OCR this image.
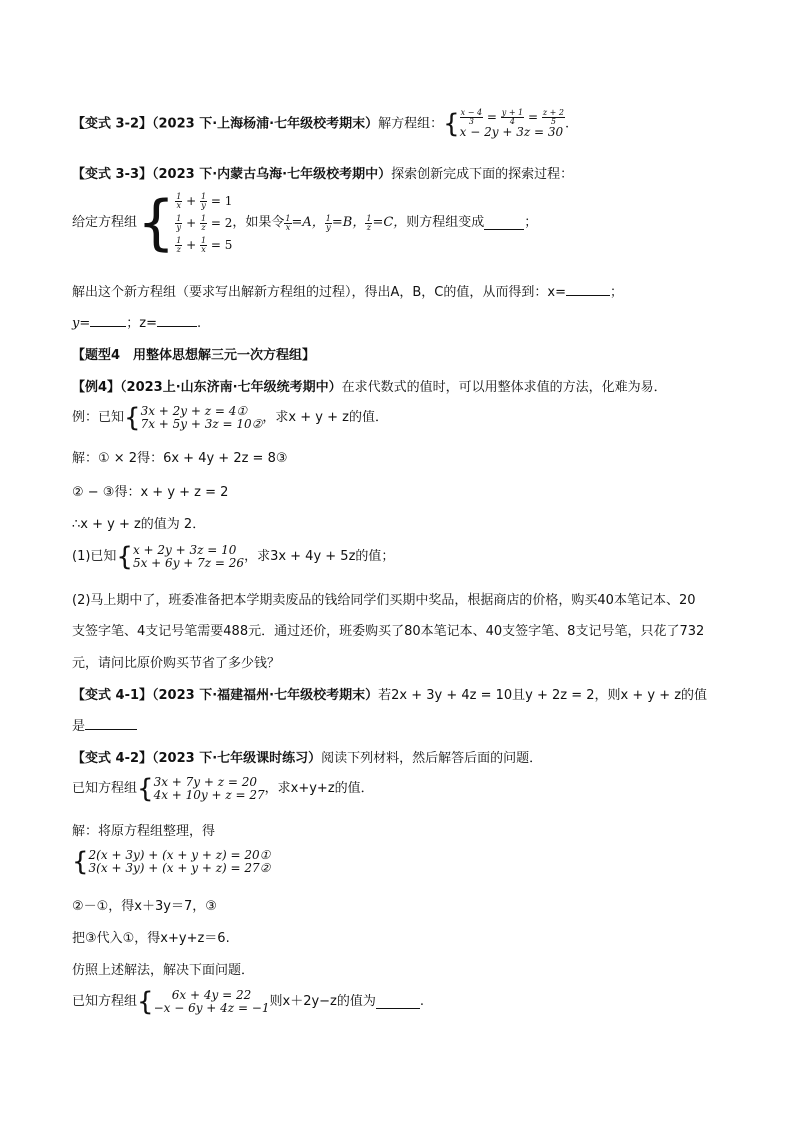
【变式 3-2】（2023 下·上海杨浦·七年级校考期末）解方程组：{ $\frac{x - 4}{3} = \frac{y + 1}{4} = \frac{z + 2}{5}$
x − 2y + 3z = 30
.
【变式 3-3】（2023 下·内蒙古乌海·七年级校考期中）探索创新完成下面的探索过程：
给定方程组{ $\frac{1}{x} + \frac{1}{y} = 1$
$\frac{1}{y} + \frac{1}{z} = 2$
$\frac{1}{z} + \frac{1}{x} = 5$
，如果令 $\frac{1}{x} =A$， $\frac{1}{y} =B$， $\frac{1}{z} =C$，则方程组变成	；
解出这个新方程组（要求写出解新方程组的过程），得出A，B，C的值，从而得到：x=	；
y=	；z=	.
【题型4　用整体思想解三元一次方程组】
【例4】（2023上·山东济南·七年级统考期中）在求代数式的值时，可以用整体求值的方法，化难为易．
例：已知{ 3x + 2y + z = 4①
7x + 5y + 3z = 10② ，求x + y + z的值．
解：① × 2得：6x + 4y + 2z = 8③
② − ③得：x + y + z = 2
∴x + y + z的值为 2．
(1)已知{ x + 2y + 3z = 10
5x + 6y + 7z = 26 ，求3x + 4y + 5z的值；
(2)马上期中了，班委准备把本学期卖废品的钱给同学们买期中奖品，根据商店的价格，购买40本笔记本、20
支签字笔、4支记号笔需要488元．通过还价，班委购买了80本笔记本、40支签字笔、8支记号笔，只花了732
元，请问比原价购买节省了多少钱？
【变式 4-1】（2023 下·福建福州·七年级校考期末）若2x + 3y + 4z = 10且y + 2z = 2，则x + y + z的值
是
【变式 4-2】（2023 下·七年级课时练习）阅读下列材料，然后解答后面的问题．
已知方程组{ 3x + 7y + z = 20
4x + 10y + z = 27 ，求x+y+z的值．
解：将原方程组整理，得
{ 2(x + 3y) + (x + y + z) = 20①
3(x + 3y) + (x + y + z) = 27②
②－①，得x＋3y＝7，③
把③代入①，得x+y+z＝6.
仿照上述解法，解决下面问题．
已知方程组{	6x + 4y = 22
−x − 6y + 4z = −1 则x＋2y−z的值为	.
